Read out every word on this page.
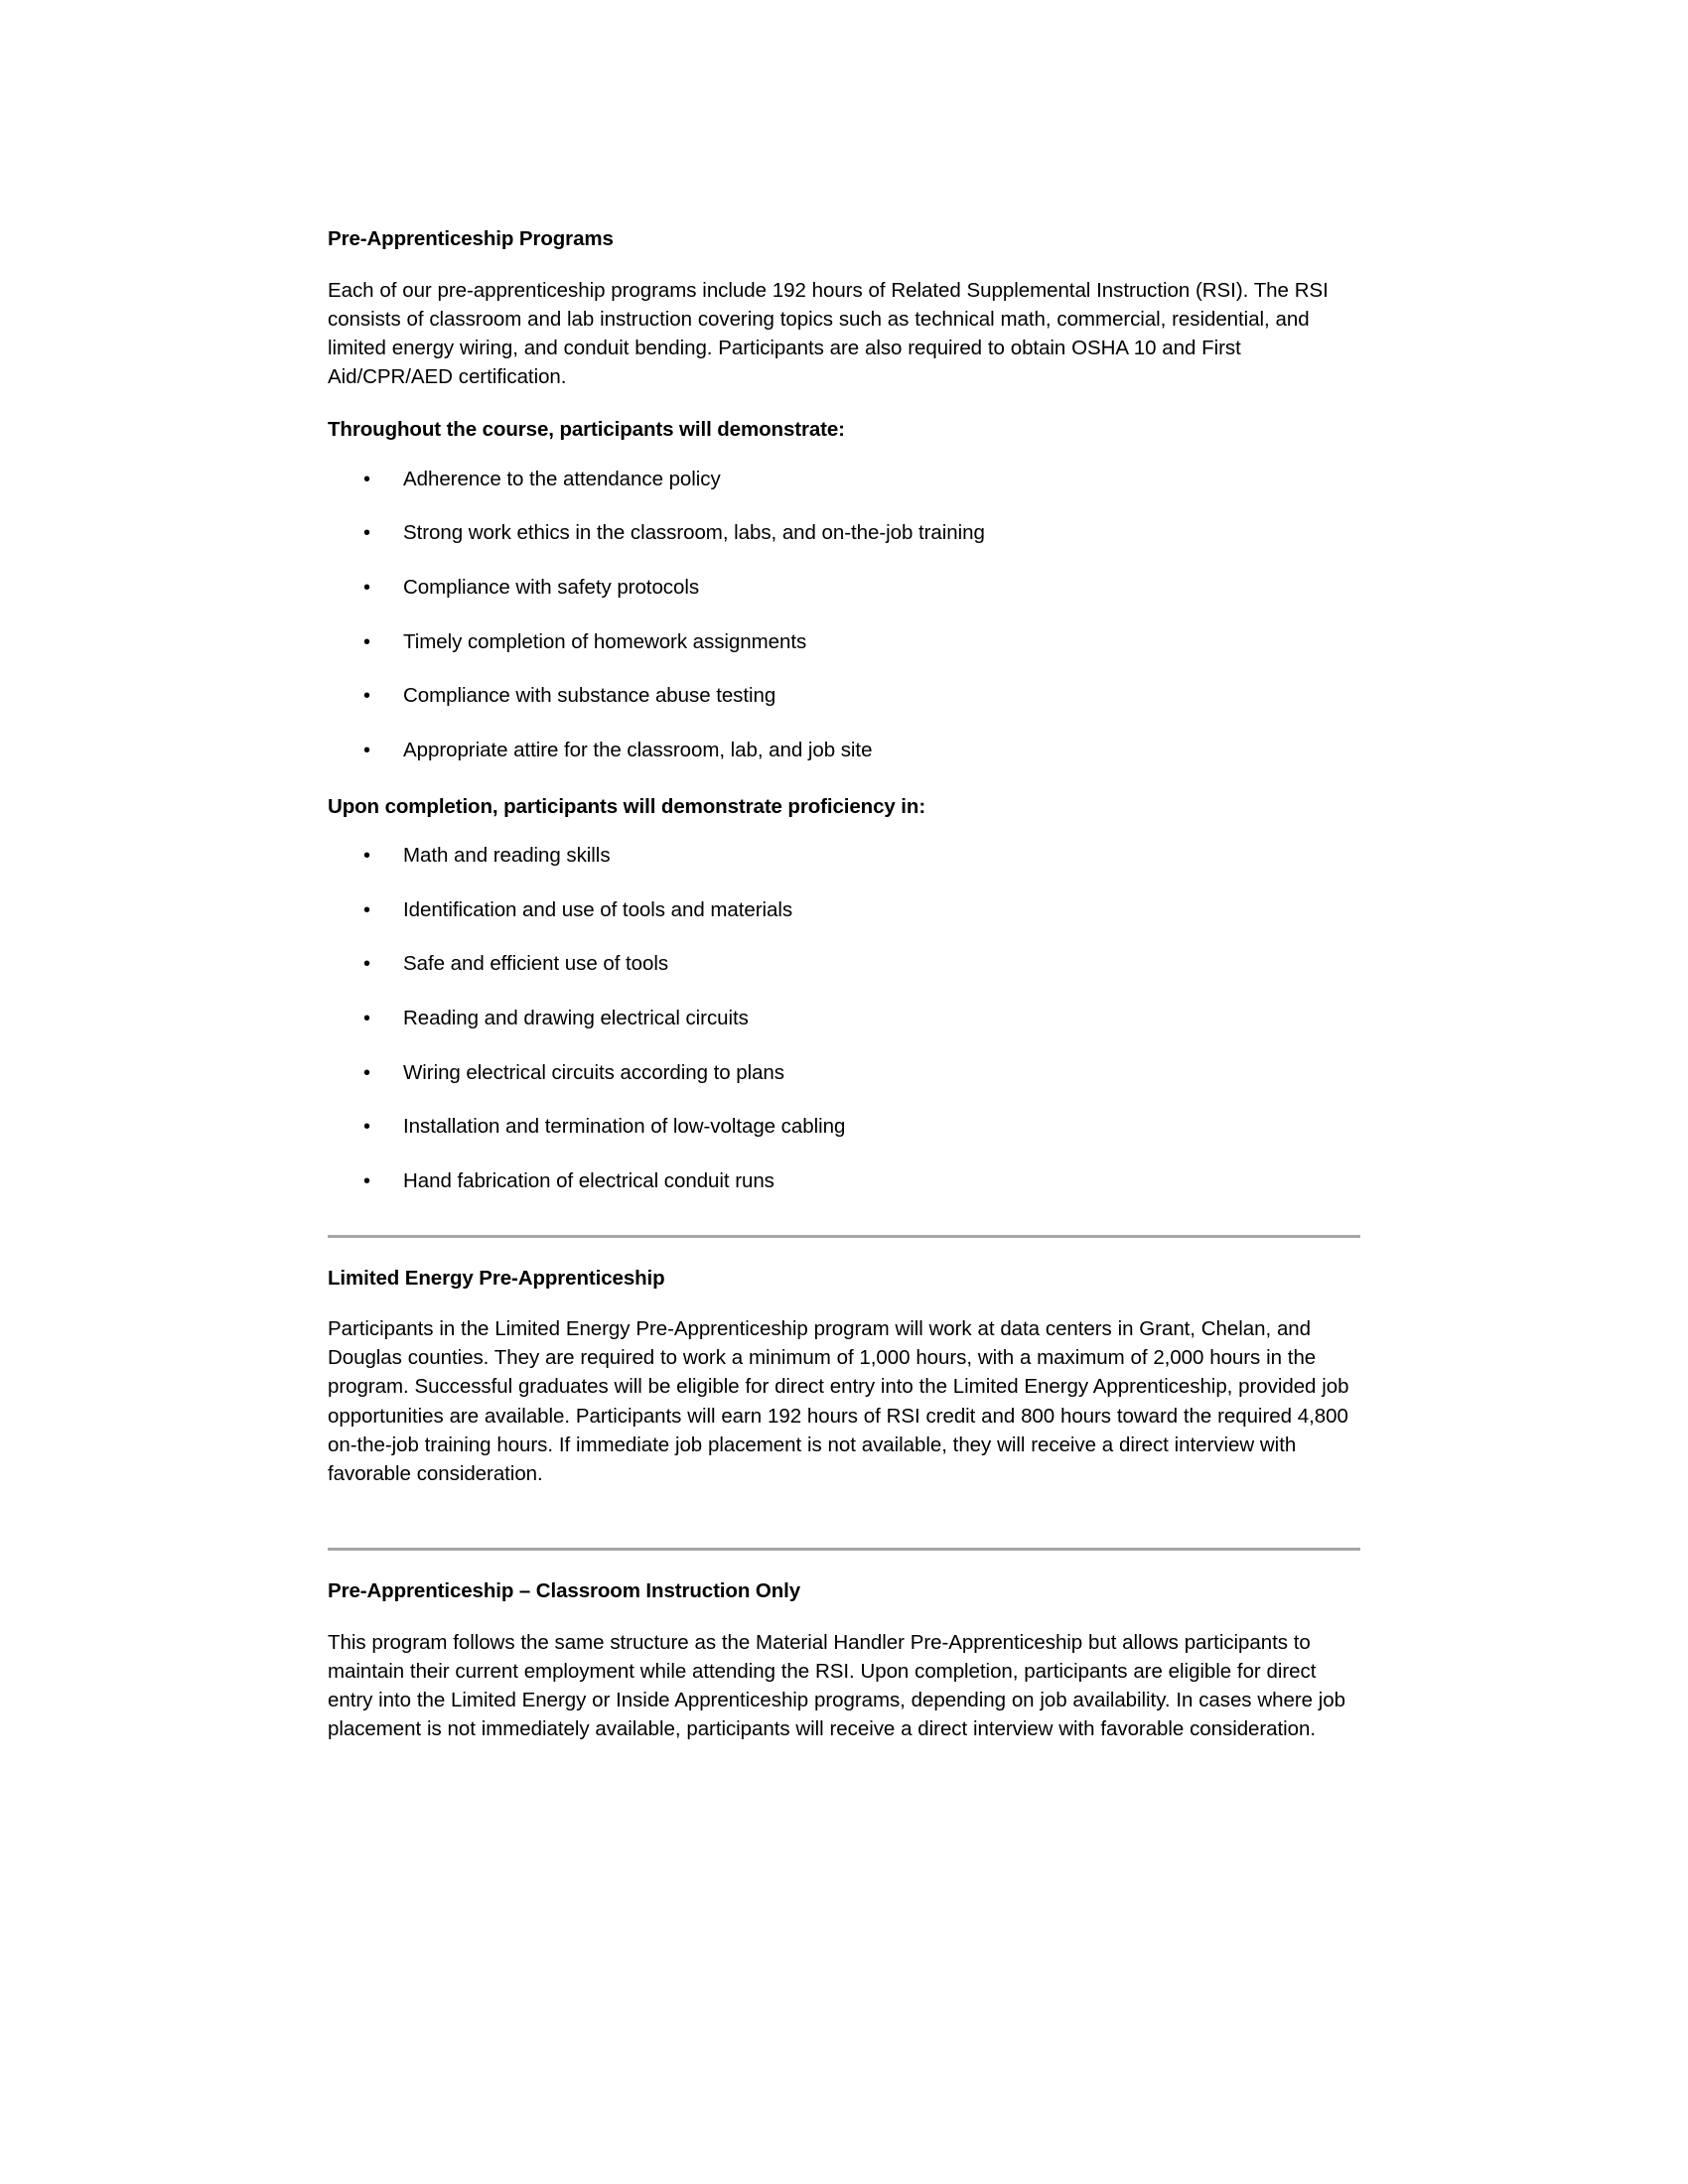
Pre-Apprenticeship Programs

Each of our pre-apprenticeship programs include 192 hours of Related Supplemental Instruction (RSI). The RSI consists of classroom and lab instruction covering topics such as technical math, commercial, residential, and limited energy wiring, and conduit bending. Participants are also required to obtain OSHA 10 and First Aid/CPR/AED certification.

Throughout the course, participants will demonstrate:
• Adherence to the attendance policy
• Strong work ethics in the classroom, labs, and on-the-job training
• Compliance with safety protocols
• Timely completion of homework assignments
• Compliance with substance abuse testing
• Appropriate attire for the classroom, lab, and job site
Upon completion, participants will demonstrate proficiency in:
• Math and reading skills
• Identification and use of tools and materials
• Safe and efficient use of tools
• Reading and drawing electrical circuits
• Wiring electrical circuits according to plans
• Installation and termination of low-voltage cabling
• Hand fabrication of electrical conduit runs
Limited Energy Pre-Apprenticeship

Participants in the Limited Energy Pre-Apprenticeship program will work at data centers in Grant, Chelan, and Douglas counties. They are required to work a minimum of 1,000 hours, with a maximum of 2,000 hours in the program. Successful graduates will be eligible for direct entry into the Limited Energy Apprenticeship, provided job opportunities are available. Participants will earn 192 hours of RSI credit and 800 hours toward the required 4,800 on-the-job training hours. If immediate job placement is not available, they will receive a direct interview with favorable consideration.

Pre-Apprenticeship – Classroom Instruction Only

This program follows the same structure as the Material Handler Pre-Apprenticeship but allows participants to maintain their current employment while attending the RSI. Upon completion, participants are eligible for direct entry into the Limited Energy or Inside Apprenticeship programs, depending on job availability. In cases where job placement is not immediately available, participants will receive a direct interview with favorable consideration.
